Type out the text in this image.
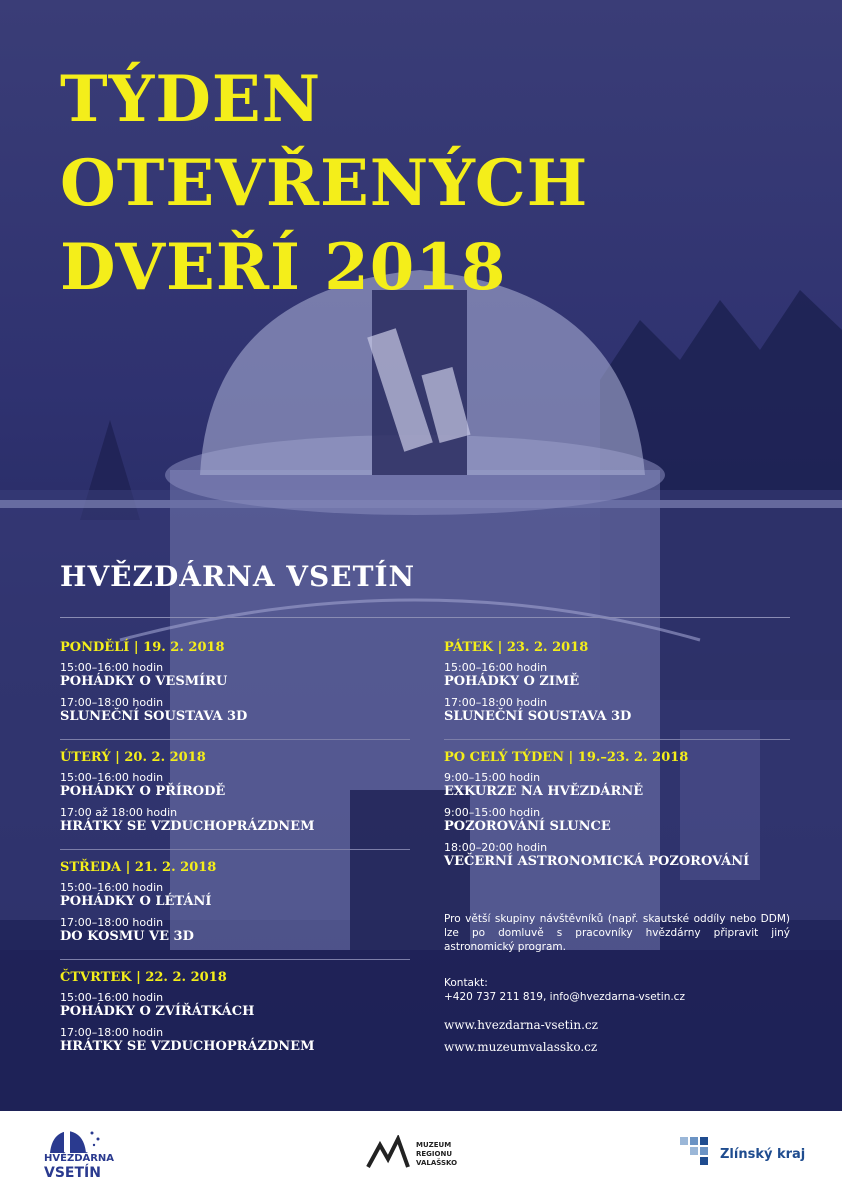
TÝDEN
OTEVŘENÝCH
DVEŘÍ 2018
HVĚZDÁRNA VSETÍN
PONDĚLÍ | 19. 2. 2018
15:00–16:00 hodin
POHÁDKY O VESMÍRU
17:00–18:00 hodin
SLUNEČNÍ SOUSTAVA 3D
ÚTERÝ | 20. 2. 2018
15:00–16:00 hodin
POHÁDKY O PŘÍRODĚ
17:00 až 18:00 hodin
HRÁTKY SE VZDUCHOPRÁZDNEM
STŘEDA | 21. 2. 2018
15:00–16:00 hodin
POHÁDKY O LÉTÁNÍ
17:00–18:00 hodin
DO KOSMU VE 3D
ČTVRTEK | 22. 2. 2018
15:00–16:00 hodin
POHÁDKY O ZVÍŘÁTKÁCH
17:00–18:00 hodin
HRÁTKY SE VZDUCHOPRÁZDNEM
PÁTEK | 23. 2. 2018
15:00–16:00 hodin
POHÁDKY O ZIMĚ
17:00–18:00 hodin
SLUNEČNÍ SOUSTAVA 3D
PO CELÝ TÝDEN | 19.–23. 2. 2018
9:00–15:00 hodin
EXKURZE NA HVĚZDÁRNĚ
9:00–15:00 hodin
POZOROVÁNÍ SLUNCE
18:00–20:00 hodin
VEČERNÍ ASTRONOMICKÁ POZOROVÁNÍ
Pro větší skupiny návštěvníků (např. skautské oddíly nebo DDM) lze po domluvě s pracovníky hvězdárny připravit jiný astronomický program.
Kontakt:
+420 737 211 819, info@hvezdarna-vsetin.cz
www.hvezdarna-vsetin.cz
www.muzeumvalassko.cz
HVĚZDÁRNA
VSETÍN
MUZEUM
REGIONU
VALAŠSKO
Zlínský kraj
